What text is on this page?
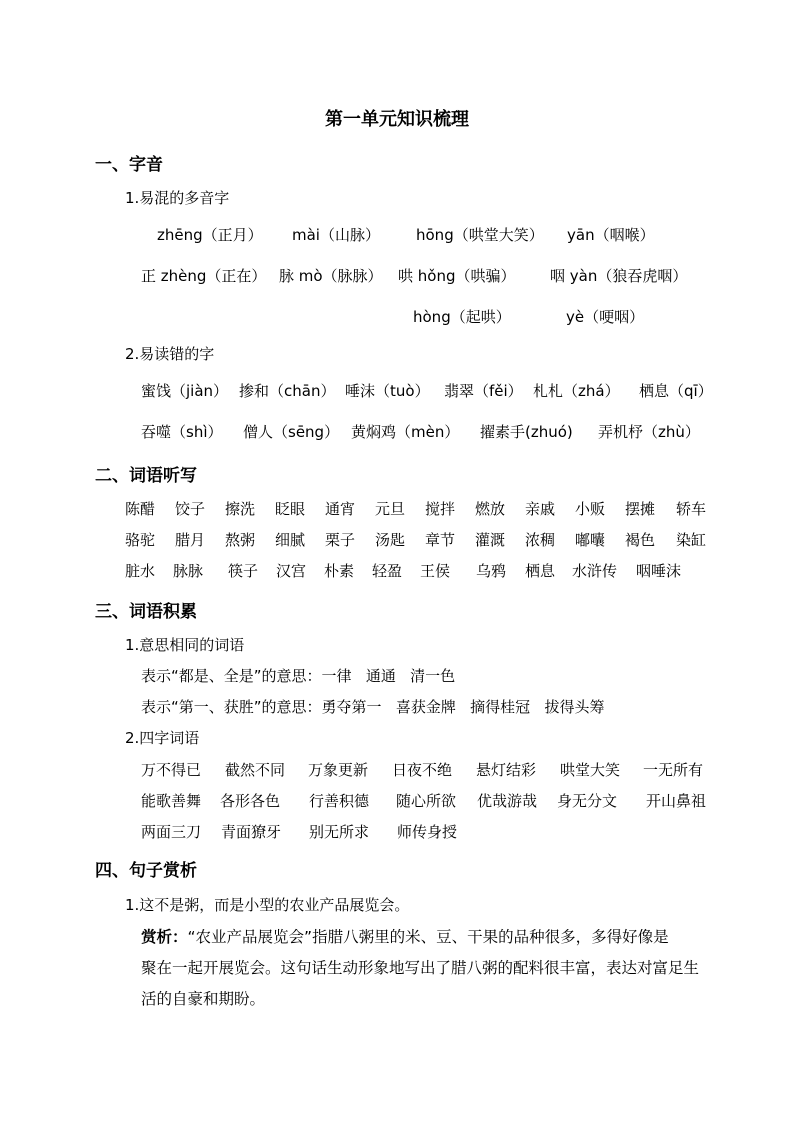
第一单元知识梳理
一、字音
1.易混的多音字
zhēng（正月） mài（山脉） hōng（哄堂大笑） yān（咽喉）
正 zhèng（正在） 脉 mò（脉脉） 哄 hǒng（哄骗） 咽 yàn（狼吞虎咽）
hòng（起哄）	yè（哽咽）
2.易读错的字
蜜饯（jiàn） 掺和（chān） 唾沫（tuò） 翡翠（fěi） 札札（zhá） 栖息（qī）
吞噬（shì） 僧人（sēng） 黄焖鸡（mèn） 擢素手(zhuó) 弄机杼（zhù）
二、词语听写
陈醋 饺子 擦洗 眨眼 通宵 元旦 搅拌 燃放 亲戚 小贩 摆摊 轿车
骆驼 腊月 熬粥 细腻 栗子 汤匙 章节 灌溉 浓稠 嘟囔 褐色 染缸
脏水 脉脉 筷子 汉宫 朴素 轻盈 王侯 乌鸦 栖息 水浒传 咽唾沫
三、词语积累
1.意思相同的词语
表示“都是、全是”的意思：一律   通通   清一色
表示“第一、获胜”的意思：勇夺第一   喜获金牌   摘得桂冠   拔得头筹
2.四字词语
万不得已 截然不同 万象更新 日夜不绝 悬灯结彩 哄堂大笑 一无所有
能歌善舞 各形各色 行善积德 随心所欲 优哉游哉 身无分文 开山鼻祖
两面三刀 青面獠牙 别无所求 师传身授
四、句子赏析
1.这不是粥，而是小型的农业产品展览会。
赏析：“农业产品展览会”指腊八粥里的米、豆、干果的品种很多，多得好像是
聚在一起开展览会。这句话生动形象地写出了腊八粥的配料很丰富，表达对富足生
活的自豪和期盼。
